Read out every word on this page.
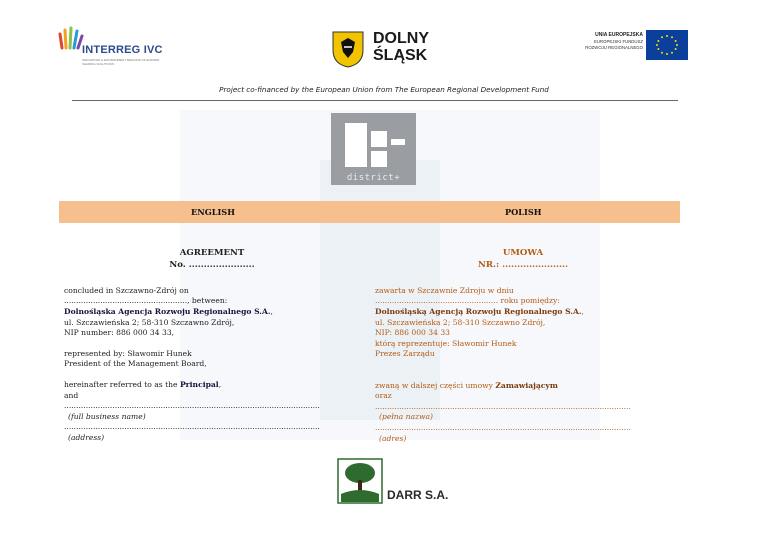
INTERREG IVC
INNOVATION & ENVIRONMENT REGIONS OF EUROPE SHARING SOLUTIONS
DOLNY
ŚLĄSK
UNIA EUROPEJSKA
EUROPEJSKI FUNDUSZ
ROZWOJU REGIONALNEGO
Project co-financed by the European Union from The European Regional Development Fund
district+
ENGLISH	POLISH
AGREEMENT
No. ......................

concluded in Szczawno-Zdrój on

..................................................., between:

Dolnośląska Agencja Rozwoju Regionalnego S.A.,

ul. Szczawieńska 2; 58-310 Szczawno Zdrój,

NIP number: 886 000 34 33,

represented by: Sławomir Hunek

President of the Management Board,

hereinafter referred to as the Principal,

and

..........................................................................................................

(full business name)

..........................................................................................................

(address)

UMOWA
NR.: ......................

zawarta w Szczawnie Zdroju w dniu

................................................... roku pomiędzy:

Dolnośląską Agencją Rozwoju Regionalnego S.A.,

ul. Szczawieńska 2; 58-310 Szczawno Zdrój,

NIP: 886 000 34 33

którą reprezentuje: Sławomir Hunek

Prezes Zarządu

zwaną w dalszej części umowy Zamawiającym

oraz

..........................................................................................................

(pełna nazwa)

..........................................................................................................

(adres)

DARR S.A.
